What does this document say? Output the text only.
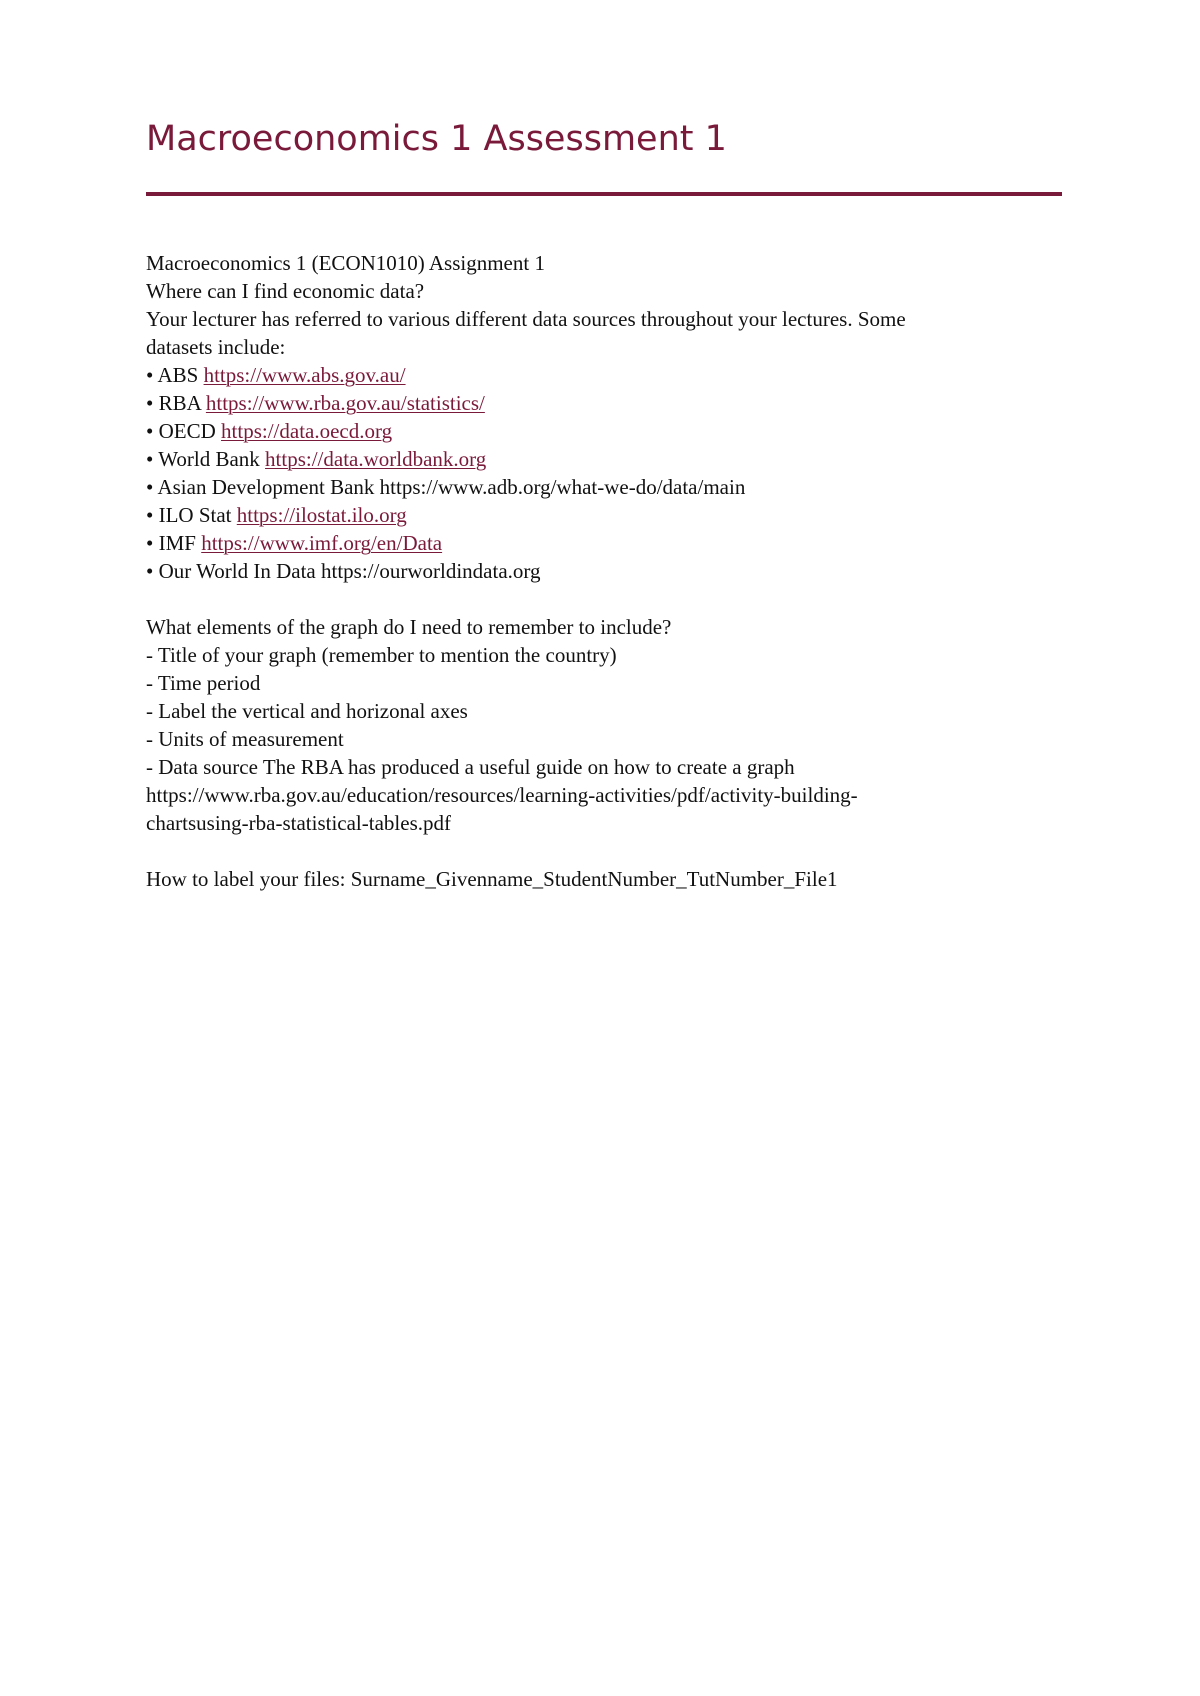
Macroeconomics 1 Assessment 1
Macroeconomics 1 (ECON1010) Assignment 1
Where can I find economic data?
Your lecturer has referred to various different data sources throughout your lectures. Some
datasets include:
• ABS https://www.abs.gov.au/
• RBA https://www.rba.gov.au/statistics/
• OECD https://data.oecd.org
• World Bank https://data.worldbank.org
• Asian Development Bank https://www.adb.org/what-we-do/data/main
• ILO Stat https://ilostat.ilo.org
• IMF https://www.imf.org/en/Data
• Our World In Data https://ourworldindata.org
What elements of the graph do I need to remember to include?
- Title of your graph (remember to mention the country)
- Time period
- Label the vertical and horizonal axes
- Units of measurement
- Data source The RBA has produced a useful guide on how to create a graph
https://www.rba.gov.au/education/resources/learning-activities/pdf/activity-building-
chartsusing-rba-statistical-tables.pdf
How to label your files: Surname_Givenname_StudentNumber_TutNumber_File1
